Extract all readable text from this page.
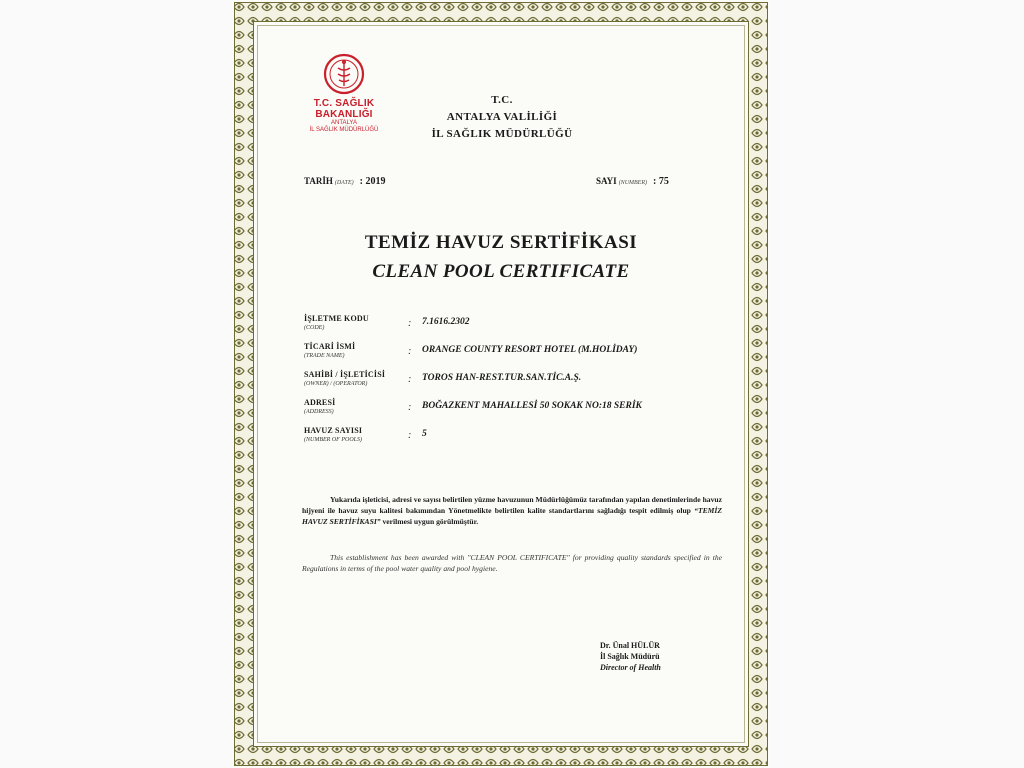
T.C. SAĞLIK BAKANLIĞI
ANTALYA
İL SAĞLIK MÜDÜRLÜĞÜ
T.C.
ANTALYA VALİLİĞİ
İL SAĞLIK MÜDÜRLÜĞÜ
TARİH (DATE) : 2019	SAYI (NUMBER) : 75
TEMİZ HAVUZ SERTİFİKASI
CLEAN POOL CERTIFICATE
İŞLETME KODU
(CODE)	: 7.1616.2302
TİCARİ İSMİ
(TRADE NAME)	: ORANGE COUNTY RESORT HOTEL (M.HOLİDAY)
SAHİBİ / İŞLETİCİSİ
(OWNER) / (OPERATOR)	: TOROS HAN-REST.TUR.SAN.TİC.A.Ş.
ADRESİ
(ADDRESS)	: BOĞAZKENT MAHALLESİ 50 SOKAK NO:18 SERİK
HAVUZ SAYISI
(NUMBER OF POOLS)	: 5
Yukarıda işleticisi, adresi ve sayısı belirtilen yüzme havuzunun Müdürlüğümüz tarafından yapılan denetimlerinde havuz hijyeni ile havuz suyu kalitesi bakımından Yönetmelikte belirtilen kalite standartlarını sağladığı tespit edilmiş olup “TEMİZ HAVUZ SERTİFİKASI” verilmesi uygun görülmüştür.
This establishment has been awarded with "CLEAN POOL CERTIFICATE" for providing quality standards specified in the Regulations in terms of the pool water quality and pool hygiene.
Dr. Ünal HÜLÜR
İl Sağlık Müdürü
Director of Health
